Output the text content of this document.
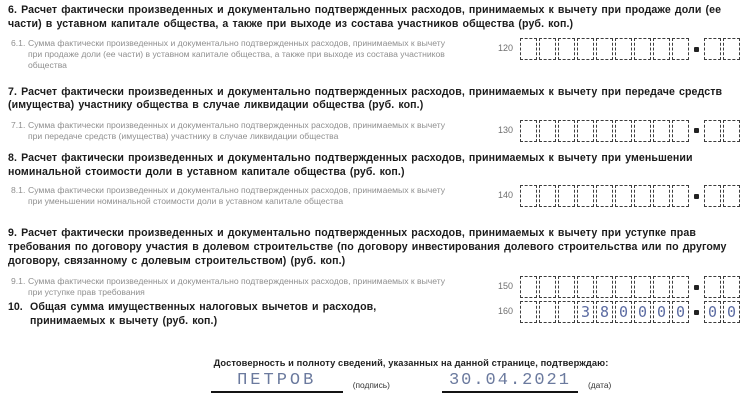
6. Расчет фактически произведенных и документально подтвержденных расходов, принимаемых к вычету при продаже доли (ее части) в уставном капитале общества, а также при выходе из состава участников общества (руб. коп.)
6.1. Сумма фактически произведенных и документально подтвержденных расходов, принимаемых к вычету при продаже доли (ее части) в уставном капитале общества, а также при выходе из состава участников общества
120
7. Расчет фактически произведенных и документально подтвержденных расходов, принимаемых к вычету при передаче средств (имущества) участнику общества в случае ликвидации общества (руб. коп.)
7.1. Сумма фактически произведенных и документально подтвержденных расходов, принимаемых к вычету при передаче средств (имущества) участнику в случае ликвидации общества
130
8. Расчет фактически произведенных и документально подтвержденных расходов, принимаемых к вычету при уменьшении номинальной стоимости доли в уставном капитале общества (руб. коп.)
8.1. Сумма фактически произведенных и документально подтвержденных расходов, принимаемых к вычету при уменьшении номинальной стоимости доли в уставном капитале общества
140
9. Расчет фактически произведенных и документально подтвержденных расходов, принимаемых к вычету при уступке прав требования по договору участия в долевом строительстве (по договору инвестирования долевого строительства или по другому договору, связанному с долевым строительством) (руб. коп.)
9.1. Сумма фактически произведенных и документально подтвержденных расходов, принимаемых к вычету при уступке прав требования
150
10. Общая сумма имущественных налоговых вычетов и расходов, принимаемых к вычету (руб. коп.)
160	3 8 0 0 0 0 0 0
Достоверность и полноту сведений, указанных на данной странице, подтверждаю:
ПЕТРОВ	(подпись)	30.04.2021	(дата)
